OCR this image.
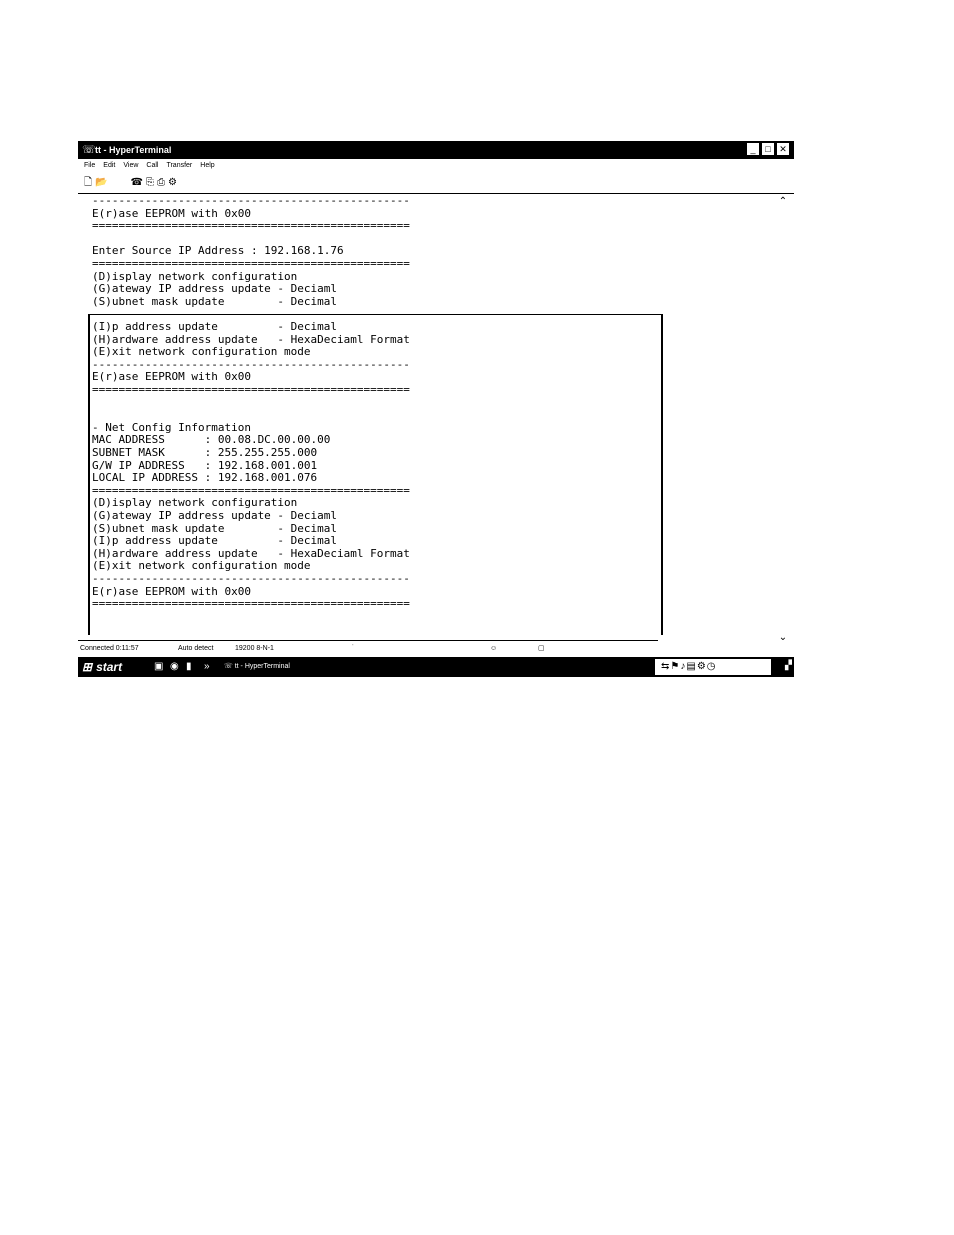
☏ tt - HyperTerminal	_	□ ✕
File Edit View Call Transfer Help
🗋 📂 ☎ ⎘ ⎙ ⚙
------------------------------------------------
E(r)ase EEPROM with 0x00
================================================
Enter Source IP Address : 192.168.1.76
================================================
(D)isplay network configuration
(G)ateway IP address update - Deciaml
(S)ubnet mask update        - Decimal
(I)p address update         - Decimal
(H)ardware address update   - HexaDeciaml Format
(E)xit network configuration mode
------------------------------------------------
E(r)ase EEPROM with 0x00
================================================
- Net Config Information
MAC ADDRESS      : 00.08.DC.00.00.00
SUBNET MASK      : 255.255.255.000
G/W IP ADDRESS   : 192.168.001.001
LOCAL IP ADDRESS : 192.168.001.076
================================================
(D)isplay network configuration
(G)ateway IP address update - Deciaml
(S)ubnet mask update        - Decimal
(I)p address update         - Decimal
(H)ardware address update   - HexaDeciaml Format
(E)xit network configuration mode
------------------------------------------------
E(r)ase EEPROM with 0x00
================================================
⌃
⌄
Connected 0:11:57	Auto detect	19200 8-N-1	˙	☺	▢
⊞ start	▣ ◉ ▮ » ☏ tt - HyperTerminal	⇆⚑♪▤⚙◷	▞
